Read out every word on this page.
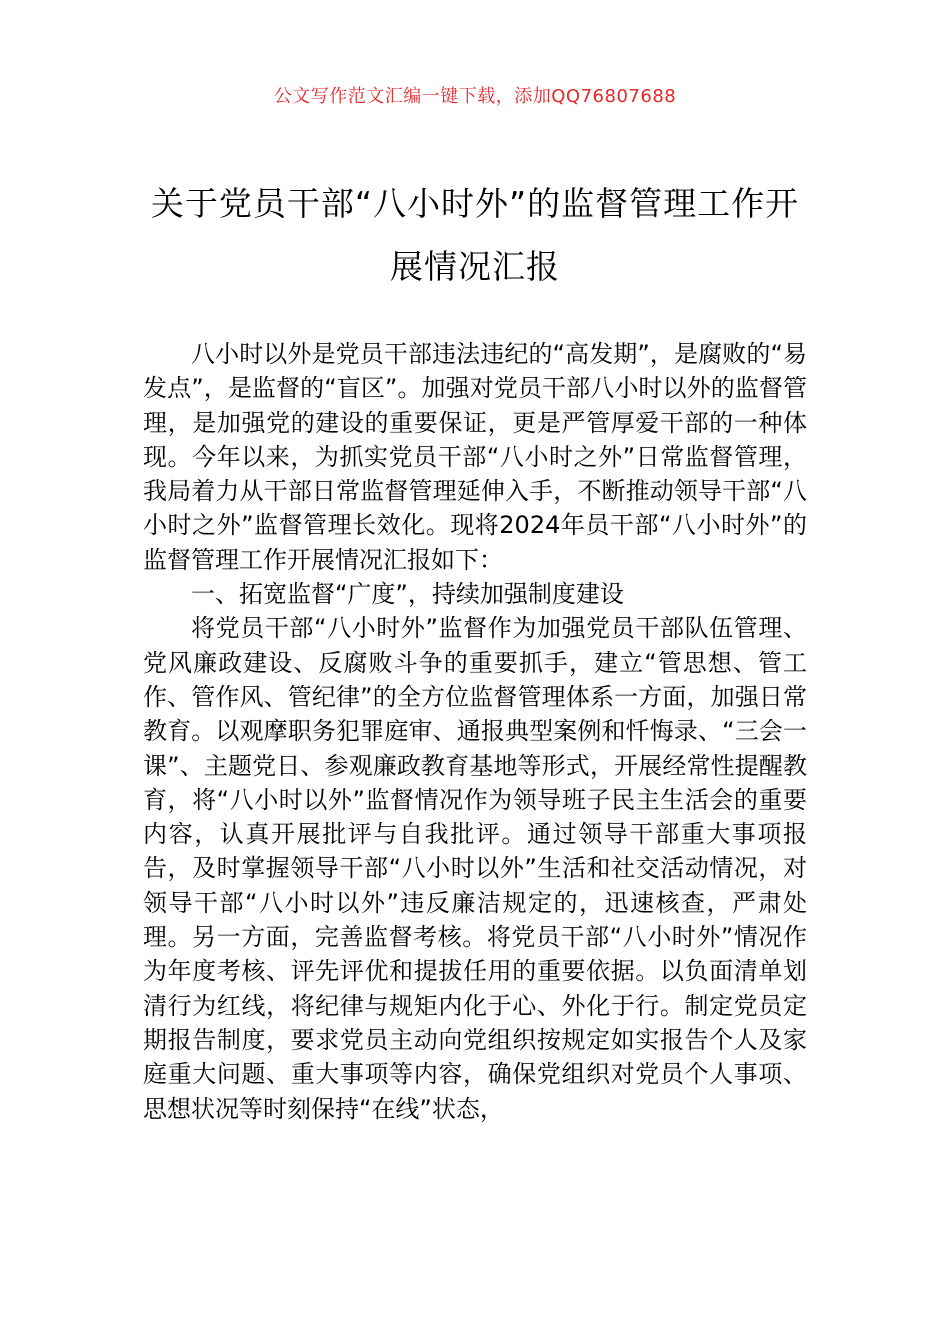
公文写作范文汇编一键下载，添加QQ76807688
关于党员干部“八小时外”的监督管理工作开展情况汇报

八小时以外是党员干部违法违纪的“高发期”，是腐败的“易发点”，是监督的“盲区”。加强对党员干部八小时以外的监督管理，是加强党的建设的重要保证，更是严管厚爱干部的一种体现。今年以来，为抓实党员干部“八小时之外”日常监督管理，我局着力从干部日常监督管理延伸入手，不断推动领导干部“八小时之外”监督管理长效化。现将2024年员干部“八小时外”的监督管理工作开展情况汇报如下：

一、拓宽监督“广度”，持续加强制度建设

将党员干部“八小时外”监督作为加强党员干部队伍管理、党风廉政建设、反腐败斗争的重要抓手，建立“管思想、管工作、管作风、管纪律”的全方位监督管理体系一方面，加强日常教育。以观摩职务犯罪庭审、通报典型案例和忏悔录、“三会一课”、主题党日、参观廉政教育基地等形式，开展经常性提醒教育，将“八小时以外”监督情况作为领导班子民主生活会的重要内容，认真开展批评与自我批评。通过领导干部重大事项报告，及时掌握领导干部“八小时以外”生活和社交活动情况，对领导干部“八小时以外”违反廉洁规定的，迅速核查，严肃处理。另一方面，完善监督考核。将党员干部“八小时外”情况作为年度考核、评先评优和提拔任用的重要依据。以负面清单划清行为红线，将纪律与规矩内化于心、外化于行。制定党员定期报告制度，要求党员主动向党组织按规定如实报告个人及家庭重大问题、重大事项等内容，确保党组织对党员个人事项、思想状况等时刻保持“在线”状态，
